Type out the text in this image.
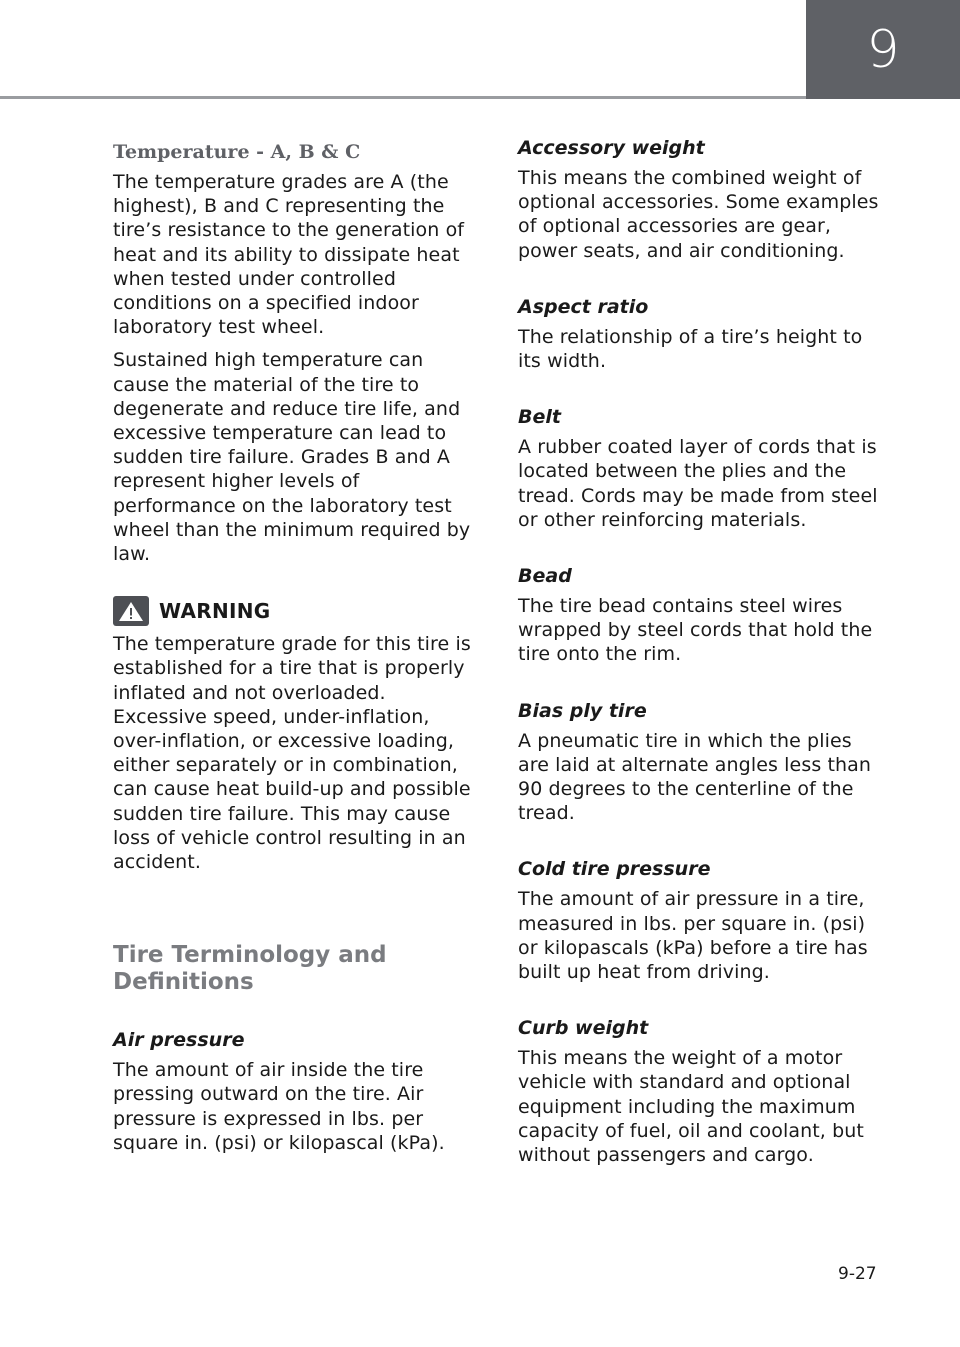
9
Temperature - A, B & C

The temperature grades are A (the highest), B and C representing the tire’s resistance to the generation of heat and its ability to dissipate heat when tested under controlled conditions on a specified indoor laboratory test wheel.

Sustained high temperature can cause the material of the tire to degenerate and reduce tire life, and excessive temperature can lead to sudden tire failure. Grades B and A represent higher levels of performance on the laboratory test wheel than the minimum required by law.

WARNING

The temperature grade for this tire is established for a tire that is properly inflated and not overloaded. Excessive speed, under-inflation, over-inflation, or excessive loading, either separately or in combination, can cause heat build-up and possible sudden tire failure. This may cause loss of vehicle control resulting in an accident.

Tire Terminology and Definitions
Air pressure

The amount of air inside the tire pressing outward on the tire. Air pressure is expressed in lbs. per square in. (psi) or kilopascal (kPa).

Accessory weight

This means the combined weight of optional accessories. Some examples of optional accessories are gear, power seats, and air conditioning.

Aspect ratio

The relationship of a tire’s height to its width.

Belt

A rubber coated layer of cords that is located between the plies and the tread. Cords may be made from steel or other reinforcing materials.

Bead

The tire bead contains steel wires wrapped by steel cords that hold the tire onto the rim.

Bias ply tire

A pneumatic tire in which the plies are laid at alternate angles less than 90 degrees to the centerline of the tread.

Cold tire pressure

The amount of air pressure in a tire, measured in lbs. per square in. (psi) or kilopascals (kPa) before a tire has built up heat from driving.

Curb weight

This means the weight of a motor vehicle with standard and optional equipment including the maximum capacity of fuel, oil and coolant, but without passengers and cargo.

9-27
